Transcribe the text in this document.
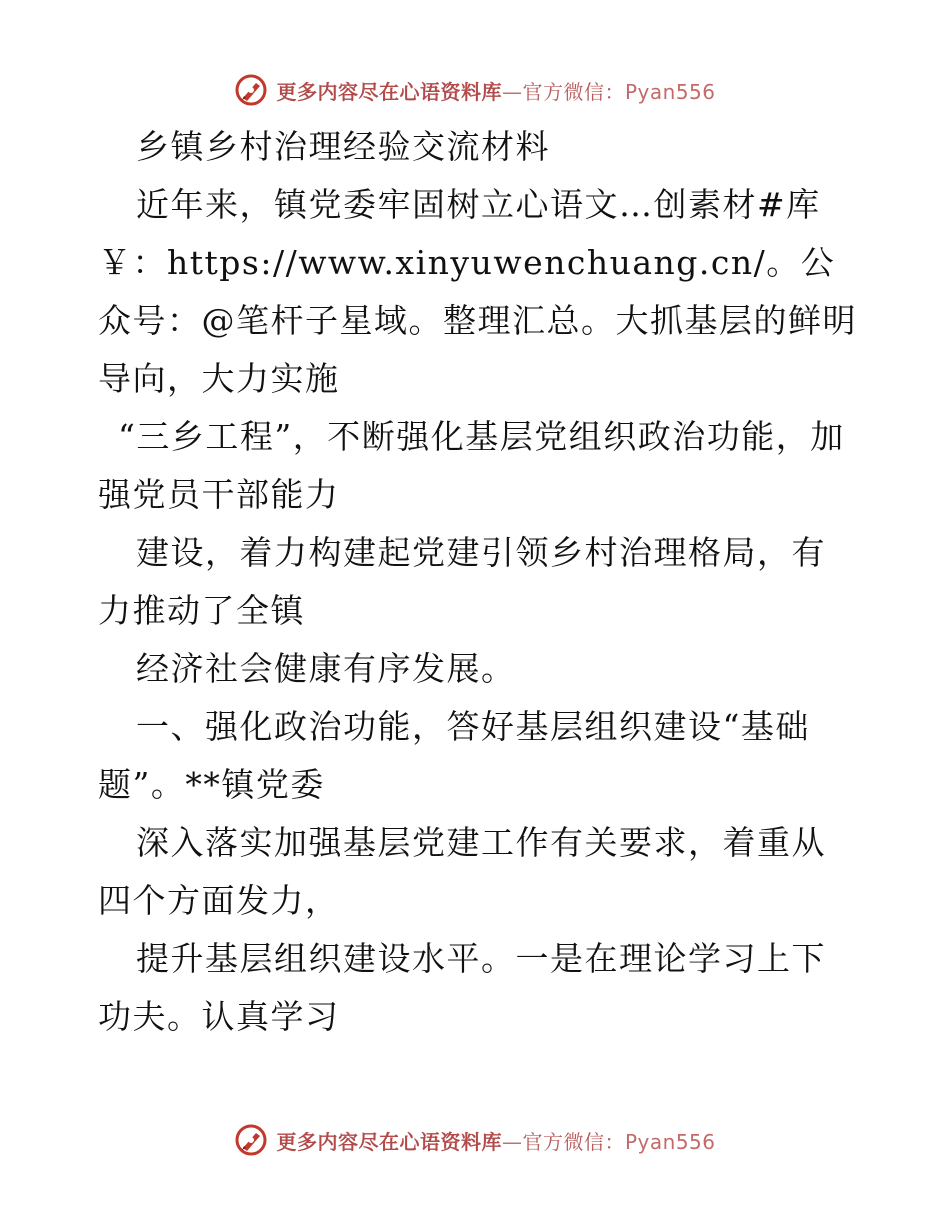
更多内容尽在心语资料库—官方微信：Pyan556

乡镇乡村治理经验交流材料

近年来，镇党委牢固树立心语文…创素材#库￥：https://www.xinyuwenchuang.cn/。公众号：@笔杆子星域。整理汇总。大抓基层的鲜明导向，大力实施

“三乡工程”，不断强化基层党组织政治功能，加强党员干部能力

建设，着力构建起党建引领乡村治理格局，有力推动了全镇

经济社会健康有序发展。

一、强化政治功能，答好基层组织建设“基础题”。**镇党委

深入落实加强基层党建工作有关要求，着重从四个方面发力，

提升基层组织建设水平。一是在理论学习上下功夫。认真学习

更多内容尽在心语资料库—官方微信：Pyan556
